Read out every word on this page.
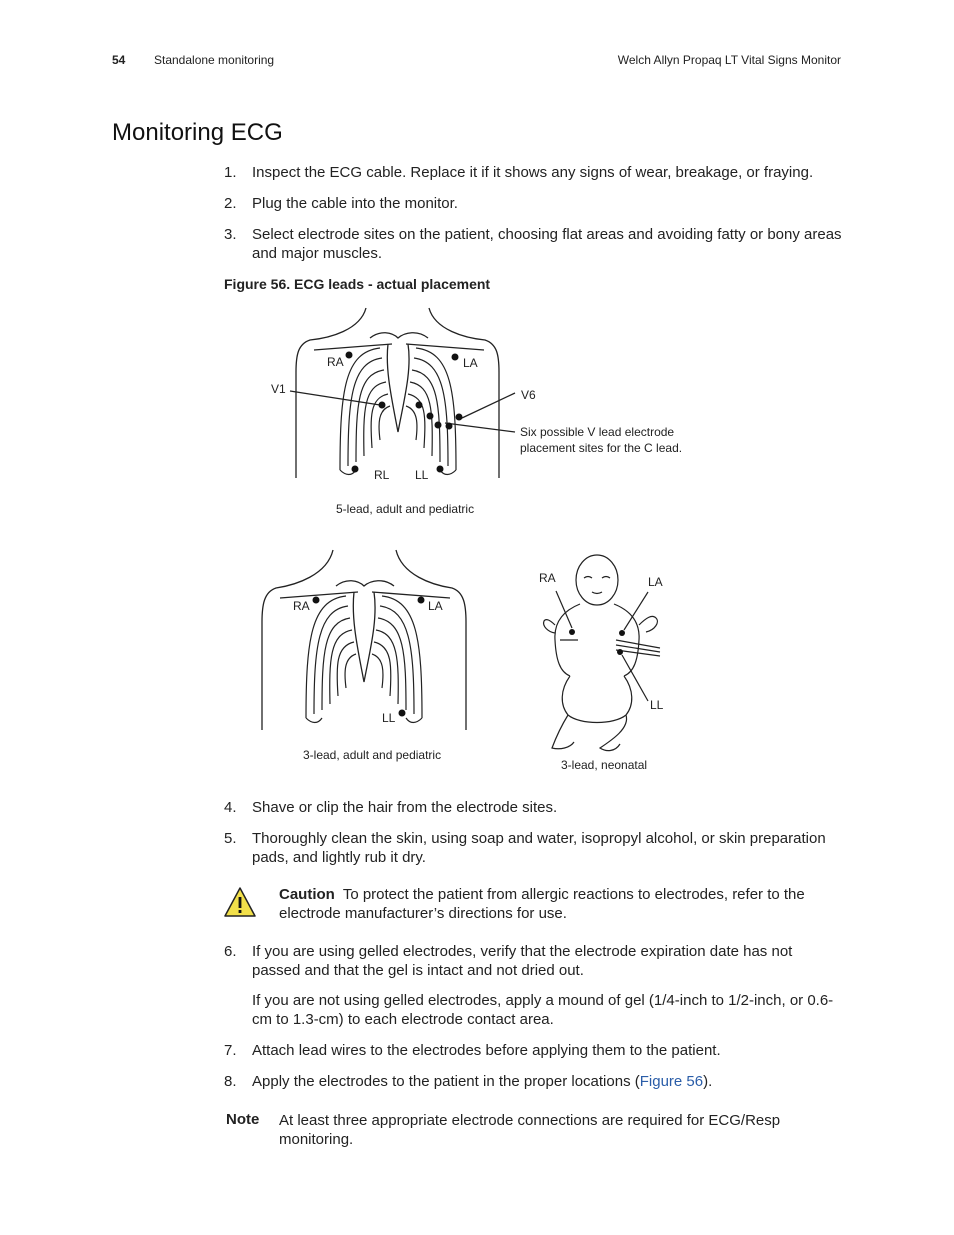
54 Standalone monitoring	Welch Allyn Propaq LT Vital Signs Monitor
Monitoring ECG
1. Inspect the ECG cable. Replace it if it shows any signs of wear, breakage, or fraying.
2. Plug the cable into the monitor.
3. Select electrode sites on the patient, choosing flat areas and avoiding fatty or bony areas and major muscles.
Figure 56. ECG leads - actual placement
RA	LA
V1	V6
RL LL
Six possible V lead electrode placement sites for the C lead.
5-lead, adult and pediatric
RA	LA
LL
3-lead, adult and pediatric
RA	LA
LL
3-lead, neonatal
4. Shave or clip the hair from the electrode sites.
5. Thoroughly clean the skin, using soap and water, isopropyl alcohol, or skin preparation pads, and lightly rub it dry.
Caution To protect the patient from allergic reactions to electrodes, refer to the electrode manufacturer’s directions for use.
6. If you are using gelled electrodes, verify that the electrode expiration date has not passed and that the gel is intact and not dried out.
If you are not using gelled electrodes, apply a mound of gel (1/4-inch to 1/2-inch, or 0.6-cm to 1.3-cm) to each electrode contact area.
7. Attach lead wires to the electrodes before applying them to the patient.
8. Apply the electrodes to the patient in the proper locations (Figure 56).
Note At least three appropriate electrode connections are required for ECG/Resp monitoring.
